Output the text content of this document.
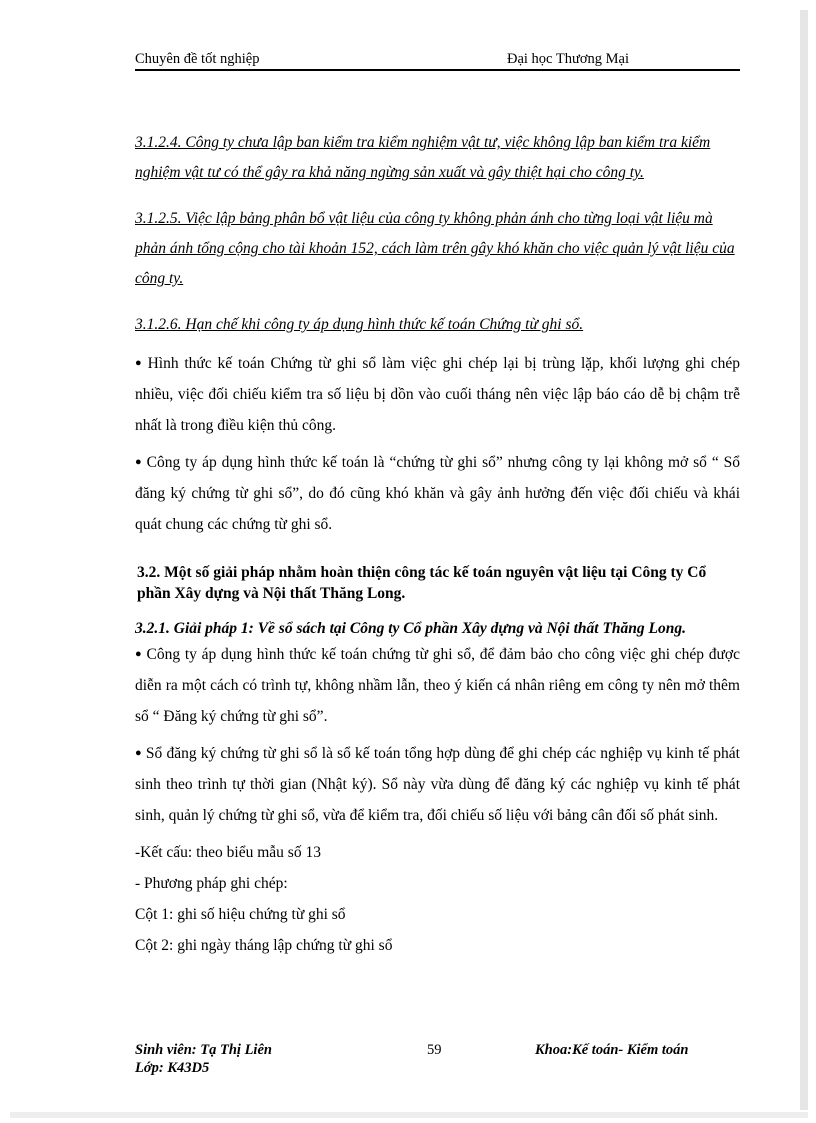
Chuyên đề tốt nghiệp	Đại học Thương Mại

3.1.2.4. Công ty chưa lập ban kiểm tra kiểm nghiệm vật tư, việc không lập ban kiểm tra kiểm nghiệm vật tư có thể gây ra khả năng ngừng sản xuất và gây thiệt hại cho công ty.

3.1.2.5. Việc lập bảng phân bổ vật liệu của công ty không phản ánh cho từng loại vật liệu mà phản ánh tổng cộng cho tài khoản 152, cách làm trên gây khó khăn cho việc quản lý vật liệu của công ty.

3.1.2.6. Hạn chế khi công ty áp dụng hình thức kế toán Chứng từ ghi sổ.

● Hình thức kế toán Chứng từ ghi sổ làm việc ghi chép lại bị trùng lặp, khối lượng ghi chép nhiều, việc đối chiếu kiểm tra số liệu bị dồn vào cuối tháng nên việc lập báo cáo dễ bị chậm trễ nhất là trong điều kiện thủ công.

● Công ty áp dụng hình thức kế toán là “chứng từ ghi sổ” nhưng công ty lại không mở sổ “ Sổ đăng ký chứng từ ghi sổ”, do đó cũng khó khăn và gây ảnh hưởng đến việc đối chiếu và khái quát chung các chứng từ ghi sổ.

3.2. Một số giải pháp nhằm hoàn thiện công tác kế toán nguyên vật liệu tại Công ty Cổ phần Xây dựng và Nội thất Thăng Long.

3.2.1. Giải pháp 1: Về sổ sách tại Công ty Cổ phần Xây dựng và Nội thất Thăng Long.

● Công ty áp dụng hình thức kế toán chứng từ ghi sổ, để đảm bảo cho công việc ghi chép được diễn ra một cách có trình tự, không nhầm lẫn, theo ý kiến cá nhân riêng em công ty nên mở thêm sổ “ Đăng ký chứng từ ghi sổ”.

● Sổ đăng ký chứng từ ghi sổ là sổ kế toán tổng hợp dùng để ghi chép các nghiệp vụ kinh tế phát sinh theo trình tự thời gian (Nhật ký). Sổ này vừa dùng để đăng ký các nghiệp vụ kinh tế phát sinh, quản lý chứng từ ghi sổ, vừa để kiểm tra, đối chiếu số liệu với bảng cân đối số phát sinh.

-Kết cấu: theo biểu mẫu số 13

- Phương pháp ghi chép:

Cột 1: ghi số hiệu chứng từ ghi sổ

Cột 2: ghi ngày tháng lập chứng từ ghi sổ

Sinh viên: Tạ Thị Liên
Lớp: K43D5
59	Khoa:Kế toán- Kiểm toán
